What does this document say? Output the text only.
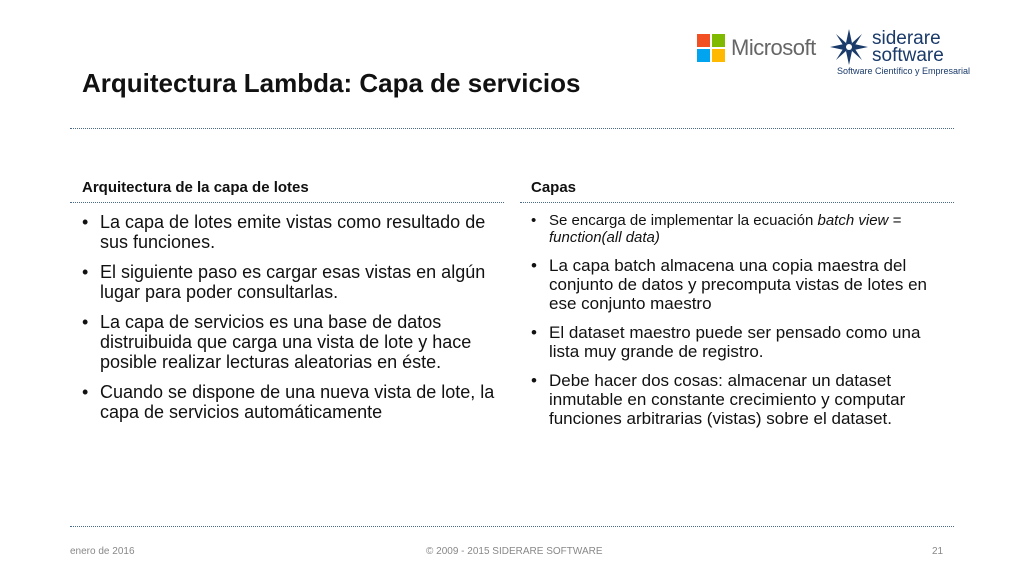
Microsoft	siderare
software
Software Científico y Empresarial
Arquitectura Lambda: Capa de servicios
Arquitectura de la capa de lotes
• La capa de lotes emite vistas como resultado de sus funciones.
• El siguiente paso es cargar esas vistas en algún lugar para poder consultarlas.
• La capa de servicios es una base de datos distruibuida que carga una vista de lote y hace posible realizar lecturas aleatorias en éste.
• Cuando se dispone de una nueva vista de lote, la capa de servicios automáticamente
Capas
• Se encarga de implementar la ecuación batch view = function(all data)
• La capa batch almacena una copia maestra del conjunto de datos y precomputa vistas de lotes en ese conjunto maestro
• El dataset maestro puede ser pensado como una lista muy grande de registro.
• Debe hacer dos cosas: almacenar un dataset inmutable en constante crecimiento y computar funciones arbitrarias (vistas) sobre el dataset.
enero de 2016	© 2009 - 2015 SIDERARE SOFTWARE	21
